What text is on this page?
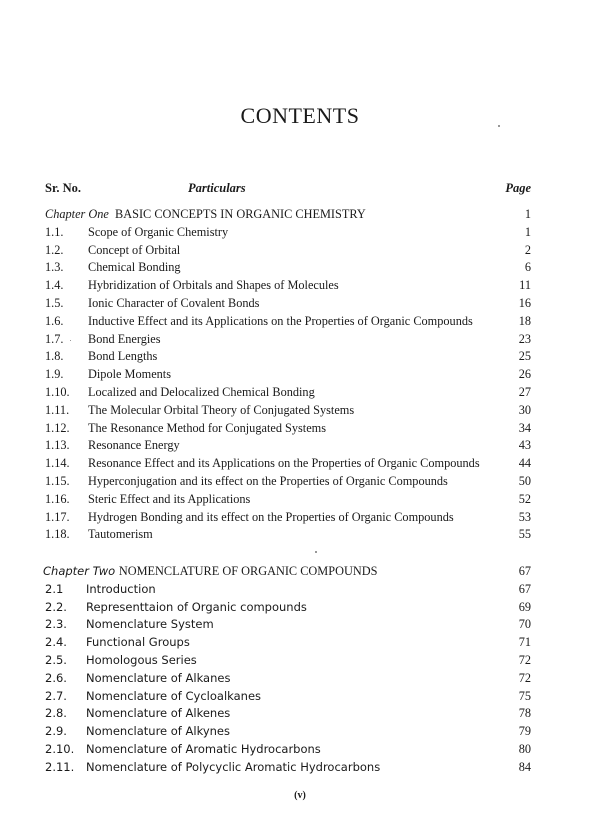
CONTENTS
Sr. No.	Particulars	Page
Chapter One BASIC CONCEPTS IN ORGANIC CHEMISTRY	1
1.1. Scope of Organic Chemistry	1
1.2. Concept of Orbital	2
1.3. Chemical Bonding	6
1.4. Hybridization of Orbitals and Shapes of Molecules	11
1.5. Ionic Character of Covalent Bonds	16
1.6. Inductive Effect and its Applications on the Properties of Organic Compounds	18
1.7. Bond Energies	23
1.8. Bond Lengths	25
1.9. Dipole Moments	26
1.10. Localized and Delocalized Chemical Bonding	27
1.11. The Molecular Orbital Theory of Conjugated Systems	30
1.12. The Resonance Method for Conjugated Systems	34
1.13. Resonance Energy	43
1.14. Resonance Effect and its Applications on the Properties of Organic Compounds	44
1.15. Hyperconjugation and its effect on the Properties of Organic Compounds	50
1.16. Steric Effect and its Applications	52
1.17. Hydrogen Bonding and its effect on the Properties of Organic Compounds	53
1.18. Tautomerism	55
Chapter Two NOMENCLATURE OF ORGANIC COMPOUNDS	67
2.1 Introduction	67
2.2. Representtaion of Organic compounds	69
2.3. Nomenclature System	70
2.4. Functional Groups	71
2.5. Homologous Series	72
2.6. Nomenclature of Alkanes	72
2.7. Nomenclature of Cycloalkanes	75
2.8. Nomenclature of Alkenes	78
2.9. Nomenclature of Alkynes	79
2.10. Nomenclature of Aromatic Hydrocarbons	80
2.11. Nomenclature of Polycyclic Aromatic Hydrocarbons	84
(v)
